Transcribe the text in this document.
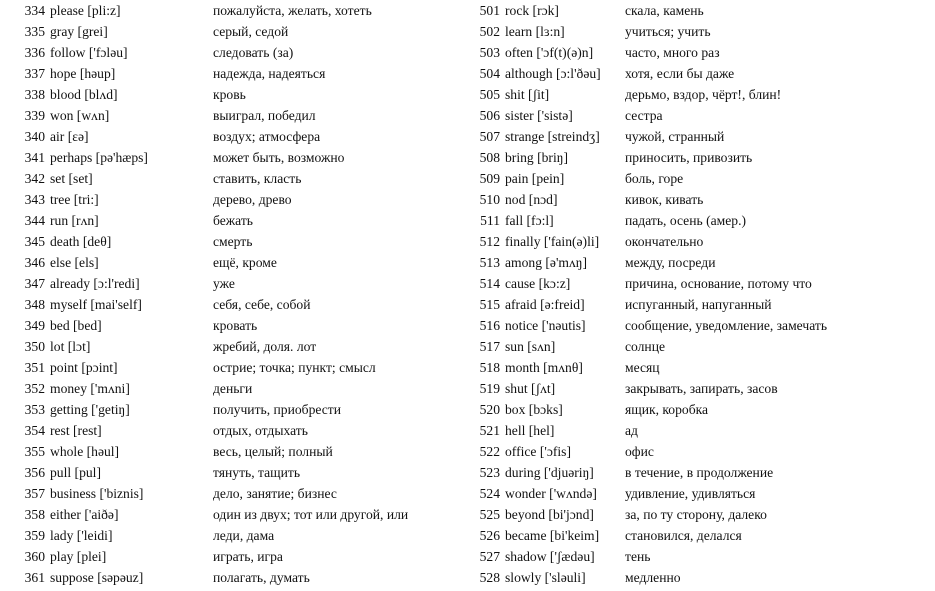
334 please [pli:z]	пожалуйста, желать, хотеть
335 gray [grei]	серый, седой
336 follow ['fɔləu]	следовать (за)
337 hope [həup]	надежда, надеяться
338 blood [blʌd]	кровь
339 won [wʌn]	выиграл, победил
340 air [ɛə]	воздух; атмосфера
341 perhaps [pə'hæps]	может быть, возможно
342 set [set]	ставить, класть
343 tree [tri:]	дерево, древо
344 run [rʌn]	бежать
345 death [deθ]	смерть
346 else [els]	ещё, кроме
347 already [ɔ:l'redi]	уже
348 myself [mai'self]	себя, себе, собой
349 bed [bed]	кровать
350 lot [lɔt]	жребий, доля. лот
351 point [pɔint]	острие; точка; пункт; смысл
352 money ['mʌni]	деньги
353 getting ['getiŋ]	получить, приобрести
354 rest [rest]	отдых, отдыхать
355 whole [həul]	весь, целый; полный
356 pull [pul]	тянуть, тащить
357 business ['biznis]	дело, занятие; бизнес
358 either ['aiðə]	один из двух; тот или другой, или
359 lady ['leidi]	леди, дама
360 play [plei]	играть, игра
361 suppose [səpəuz]	полагать, думать
501 rock [rɔk]	скала, камень
502 learn [lɜ:n]	учиться; учить
503 often ['ɔf(t)(ə)n] часто, много раз
504 although [ɔ:l'ðəu] хотя, если бы даже
505 shit [ʃit]	дерьмо, вздор, чёрт!, блин!
506 sister ['sistə]	сестра
507 strange [streindʒ] чужой, странный
508 bring [briŋ]	приносить, привозить
509 pain [pein]	боль, горе
510 nod [nɔd]	кивок, кивать
511 fall [fɔ:l]	падать, осень (амер.)
512 finally ['fain(ə)li] окончательно
513 among [ə'mʌŋ]	между, посреди
514 cause [kɔ:z]	причина, основание, потому что
515 afraid [ə:freid]	испуганный, напуганный
516 notice ['nəutis]	сообщение, уведомление, замечать
517 sun [sʌn]	солнце
518 month [mʌnθ]	месяц
519 shut [ʃʌt]	закрывать, запирать, засов
520 box [bɔks]	ящик, коробка
521 hell [hel]	ад
522 office ['ɔfis]	офис
523 during ['djuəriŋ] в течение, в продолжение
524 wonder ['wʌndə] удивление, удивляться
525 beyond [bi'jɔnd] за, по ту сторону, далеко
526 became [bi'keim] становился, делался
527 shadow ['ʃædəu] тень
528 slowly ['sləuli]	медленно
